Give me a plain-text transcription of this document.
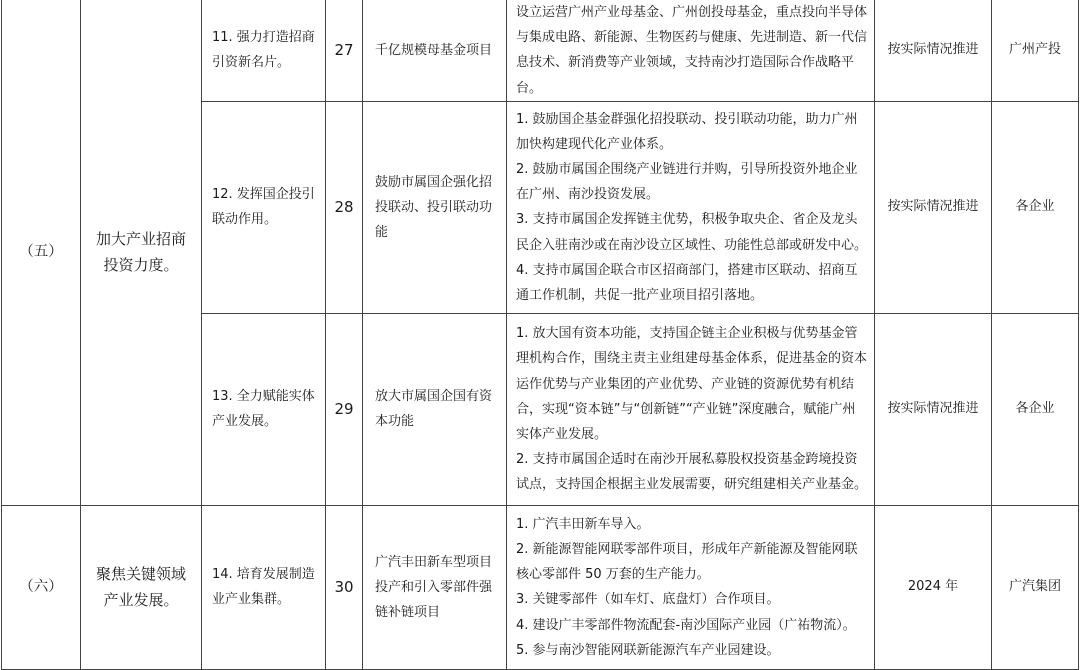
（五）	加大产业招商投资力度。	11. 强力打造招商引资新名片。	27	千亿规模母基金项目	设立运营广州产业母基金、广州创投母基金，重点投向半导体与集成电路、新能源、生物医药与健康、先进制造、新一代信息技术、新消费等产业领域，支持南沙打造国际合作战略平台。	按实际情况推进	广州产投
		12. 发挥国企投引联动作用。	28	鼓励市属国企强化招投联动、投引联动功能	1. 鼓励国企基金群强化招投联动、投引联动功能，助力广州加快构建现代化产业体系。
2. 鼓励市属国企围绕产业链进行并购，引导所投资外地企业在广州、南沙投资发展。
3. 支持市属国企发挥链主优势，积极争取央企、省企及龙头民企入驻南沙或在南沙设立区域性、功能性总部或研发中心。
4. 支持市属国企联合市区招商部门，搭建市区联动、招商互通工作机制，共促一批产业项目招引落地。	按实际情况推进	各企业
		13. 全力赋能实体产业发展。	29	放大市属国企国有资本功能	1. 放大国有资本功能，支持国企链主企业积极与优势基金管理机构合作，围绕主责主业组建母基金体系，促进基金的资本运作优势与产业集团的产业优势、产业链的资源优势有机结合，实现“资本链”与“创新链”“产业链”深度融合，赋能广州实体产业发展。
2. 支持市属国企适时在南沙开展私募股权投资基金跨境投资试点，支持国企根据主业发展需要，研究组建相关产业基金。	按实际情况推进	各企业
（六）	聚焦关键领域产业发展。	14. 培育发展制造业产业集群。	30	广汽丰田新车型项目投产和引入零部件强链补链项目	1. 广汽丰田新车导入。
2. 新能源智能网联零部件项目，形成年产新能源及智能网联核心零部件 50 万套的生产能力。
3. 关键零部件（如车灯、底盘灯）合作项目。
4. 建设广丰零部件物流配套-南沙国际产业园（广祐物流）。
5. 参与南沙智能网联新能源汽车产业园建设。	2024 年	广汽集团
